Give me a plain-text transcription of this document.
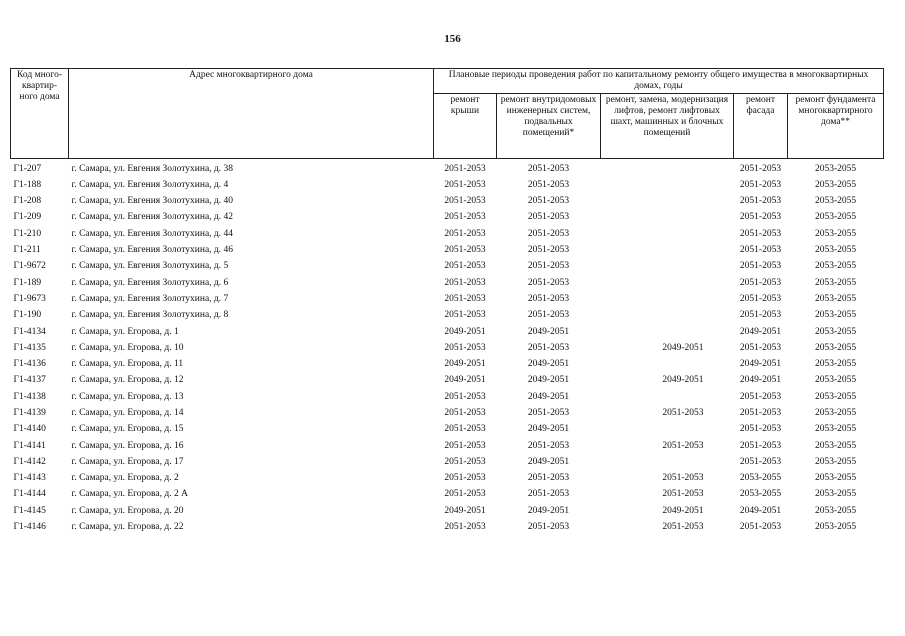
156
Код много-квартир-ного дома	Адрес многоквартирного дома	Плановые периоды проведения работ по капитальному ремонту общего имущества в многоквартирных домах, годы				
		ремонт крыши	ремонт внутридомовых инженерных систем, подвальных помещений*	ремонт, замена, модернизация лифтов, ремонт лифтовых шахт, машинных и блочных помещений	ремонт фасада	ремонт фундамента многоквартирного дома**
Г1-207	г. Самара, ул. Евгения Золотухина, д. 38	2051-2053	2051-2053		2051-2053	2053-2055
Г1-188	г. Самара, ул. Евгения Золотухина, д. 4	2051-2053	2051-2053		2051-2053	2053-2055
Г1-208	г. Самара, ул. Евгения Золотухина, д. 40	2051-2053	2051-2053		2051-2053	2053-2055
Г1-209	г. Самара, ул. Евгения Золотухина, д. 42	2051-2053	2051-2053		2051-2053	2053-2055
Г1-210	г. Самара, ул. Евгения Золотухина, д. 44	2051-2053	2051-2053		2051-2053	2053-2055
Г1-211	г. Самара, ул. Евгения Золотухина, д. 46	2051-2053	2051-2053		2051-2053	2053-2055
Г1-9672	г. Самара, ул. Евгения Золотухина, д. 5	2051-2053	2051-2053		2051-2053	2053-2055
Г1-189	г. Самара, ул. Евгения Золотухина, д. 6	2051-2053	2051-2053		2051-2053	2053-2055
Г1-9673	г. Самара, ул. Евгения Золотухина, д. 7	2051-2053	2051-2053		2051-2053	2053-2055
Г1-190	г. Самара, ул. Евгения Золотухина, д. 8	2051-2053	2051-2053		2051-2053	2053-2055
Г1-4134	г. Самара, ул. Егорова, д. 1	2049-2051	2049-2051		2049-2051	2053-2055
Г1-4135	г. Самара, ул. Егорова, д. 10	2051-2053	2051-2053	2049-2051	2051-2053	2053-2055
Г1-4136	г. Самара, ул. Егорова, д. 11	2049-2051	2049-2051		2049-2051	2053-2055
Г1-4137	г. Самара, ул. Егорова, д. 12	2049-2051	2049-2051	2049-2051	2049-2051	2053-2055
Г1-4138	г. Самара, ул. Егорова, д. 13	2051-2053	2049-2051		2051-2053	2053-2055
Г1-4139	г. Самара, ул. Егорова, д. 14	2051-2053	2051-2053	2051-2053	2051-2053	2053-2055
Г1-4140	г. Самара, ул. Егорова, д. 15	2051-2053	2049-2051		2051-2053	2053-2055
Г1-4141	г. Самара, ул. Егорова, д. 16	2051-2053	2051-2053	2051-2053	2051-2053	2053-2055
Г1-4142	г. Самара, ул. Егорова, д. 17	2051-2053	2049-2051		2051-2053	2053-2055
Г1-4143	г. Самара, ул. Егорова, д. 2	2051-2053	2051-2053	2051-2053	2053-2055	2053-2055
Г1-4144	г. Самара, ул. Егорова, д. 2 А	2051-2053	2051-2053	2051-2053	2053-2055	2053-2055
Г1-4145	г. Самара, ул. Егорова, д. 20	2049-2051	2049-2051	2049-2051	2049-2051	2053-2055
Г1-4146	г. Самара, ул. Егорова, д. 22	2051-2053	2051-2053	2051-2053	2051-2053	2053-2055
